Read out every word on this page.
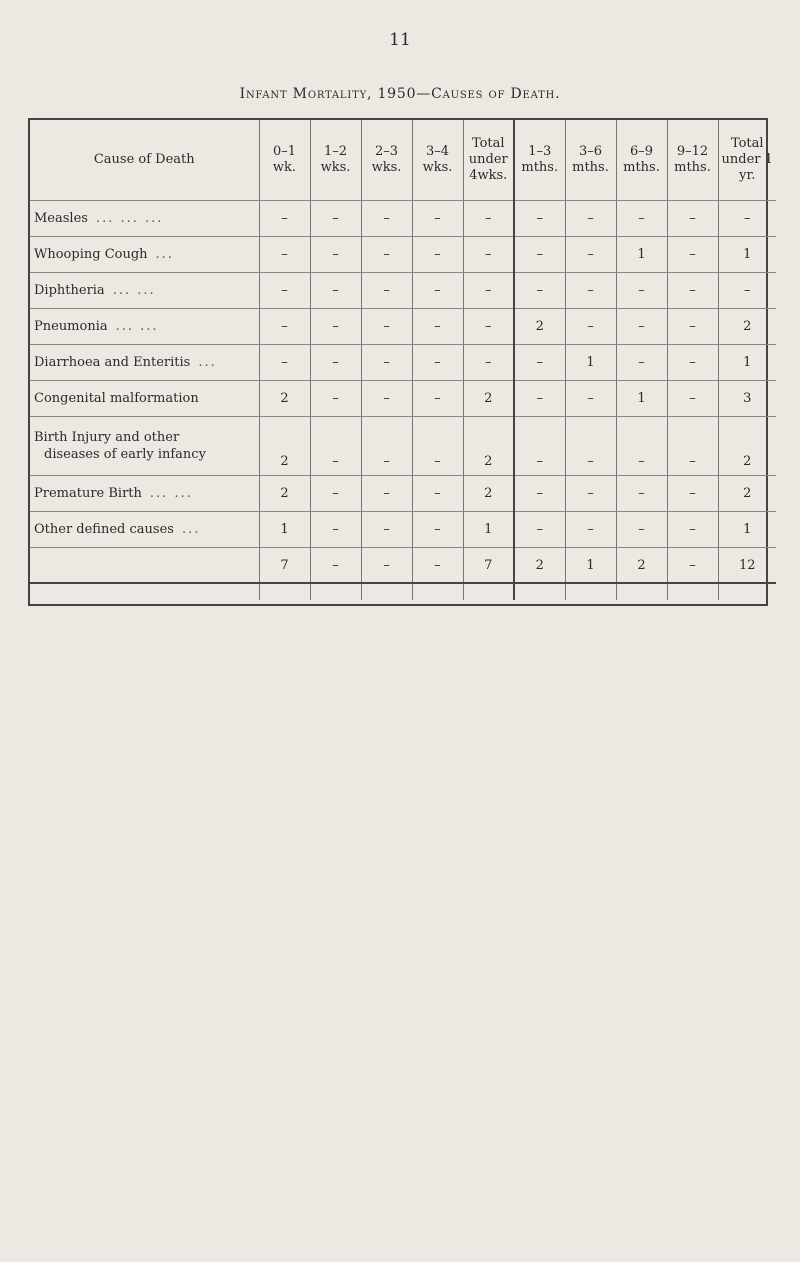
11
Infant Mortality, 1950—Causes of Death.
Cause of Death	0–1 wk.	1–2 wks.	2–3 wks.	3–4 wks.	Total under 4wks.	1–3 mths.	3–6 mths.	6–9 mths.	9–12 mths.	Total under 1 yr.
Measles ... ... ...	–	–	–	–	–	–	–	–	–	–
Whooping Cough ...	–	–	–	–	–	–	–	1	–	1
Diphtheria ... ...	–	–	–	–	–	–	–	–	–	–
Pneumonia ... ...	–	–	–	–	–	2	–	–	–	2
Diarrhoea and Enteritis ...	–	–	–	–	–	–	1	–	–	1
Congenital malformation	2	–	–	–	2	–	–	1	–	3
Birth Injury and other
diseases of early infancy	2	–	–	–	2	–	–	–	–	2
Premature Birth ... ...	2	–	–	–	2	–	–	–	–	2
Other defined causes ...	1	–	–	–	1	–	–	–	–	1
	7	–	–	–	7	2	1	2	–	12
